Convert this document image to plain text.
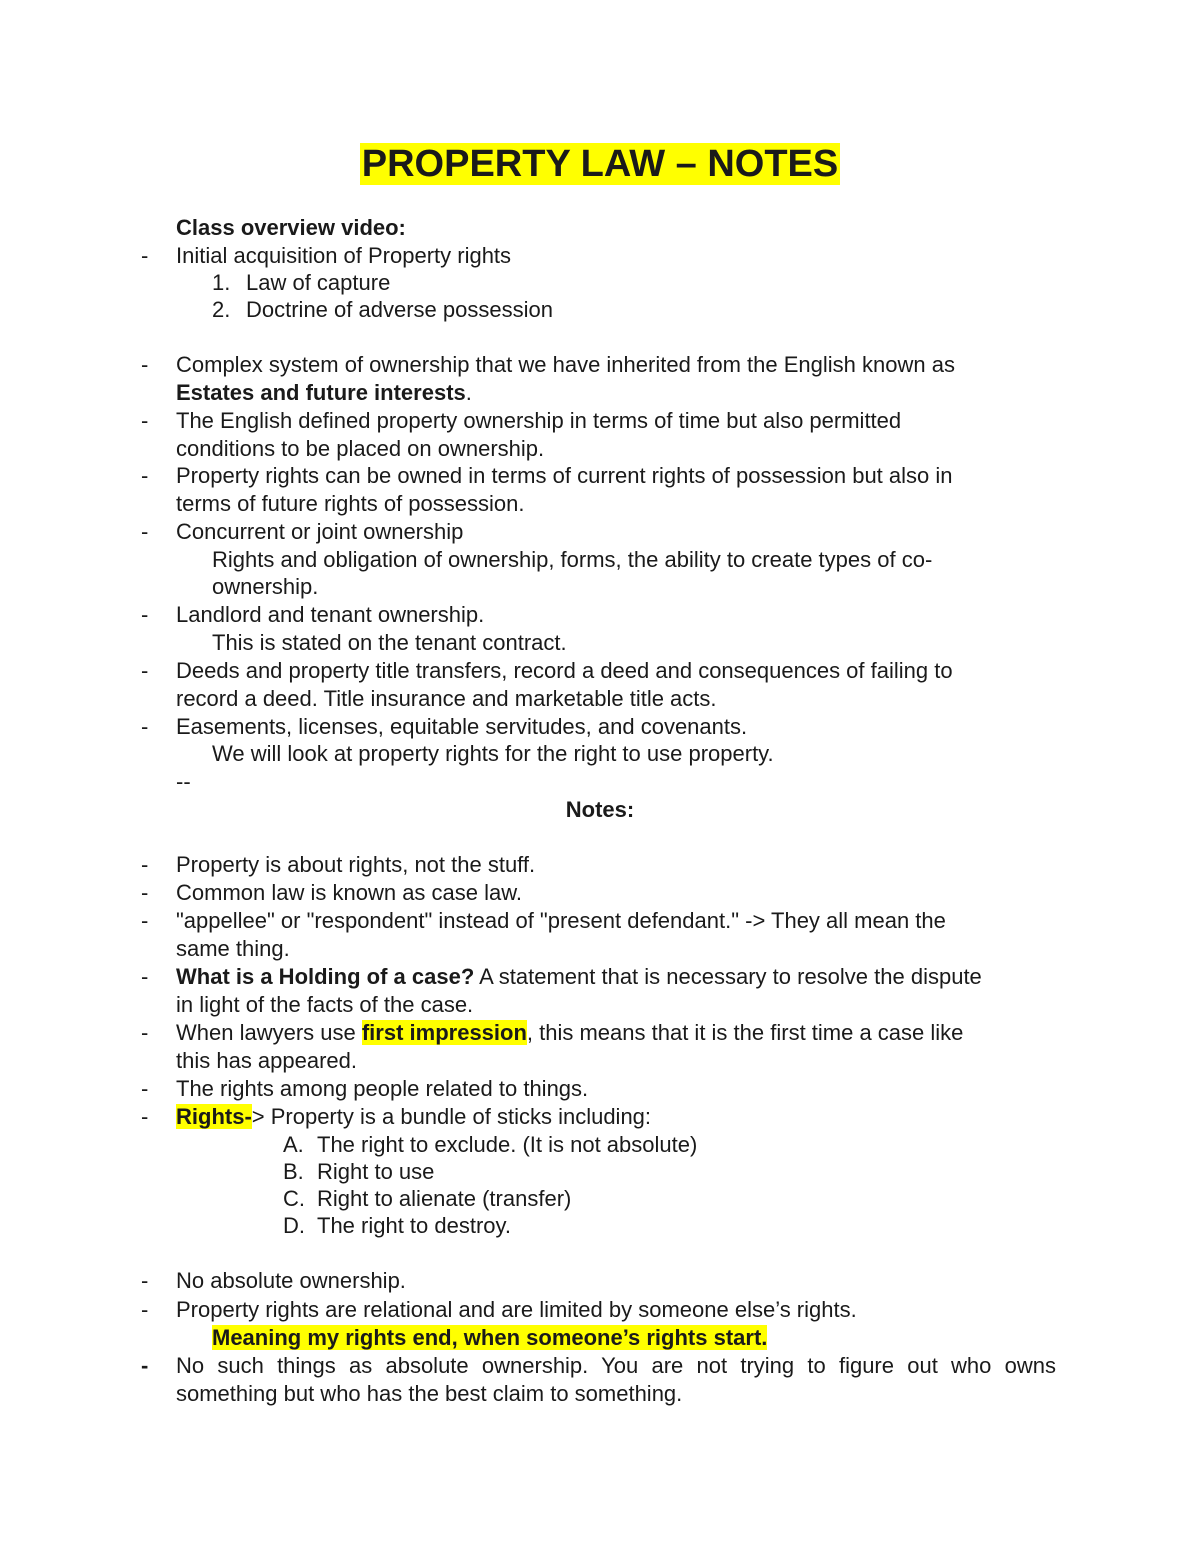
PROPERTY LAW – NOTES
Class overview video:
- Initial acquisition of Property rights
1. Law of capture
2. Doctrine of adverse possession
- Complex system of ownership that we have inherited from the English known as
Estates and future interests.
- The English defined property ownership in terms of time but also permitted
conditions to be placed on ownership.
- Property rights can be owned in terms of current rights of possession but also in
terms of future rights of possession.
- Concurrent or joint ownership
Rights and obligation of ownership, forms, the ability to create types of co-
ownership.
- Landlord and tenant ownership.
This is stated on the tenant contract.
- Deeds and property title transfers, record a deed and consequences of failing to
record a deed. Title insurance and marketable title acts.
- Easements, licenses, equitable servitudes, and covenants.
We will look at property rights for the right to use property.
--
Notes:
- Property is about rights, not the stuff.
- Common law is known as case law.
- "appellee" or "respondent" instead of "present defendant." -> They all mean the
same thing.
- What is a Holding of a case? A statement that is necessary to resolve the dispute
in light of the facts of the case.
- When lawyers use first impression, this means that it is the first time a case like
this has appeared.
- The rights among people related to things.
- Rights-> Property is a bundle of sticks including:
A. The right to exclude. (It is not absolute)
B. Right to use
C. Right to alienate (transfer)
D. The right to destroy.
- No absolute ownership.
- Property rights are relational and are limited by someone else’s rights.
Meaning my rights end, when someone’s rights start.
- No such things as absolute ownership. You are not trying to figure out who owns
something but who has the best claim to something.
